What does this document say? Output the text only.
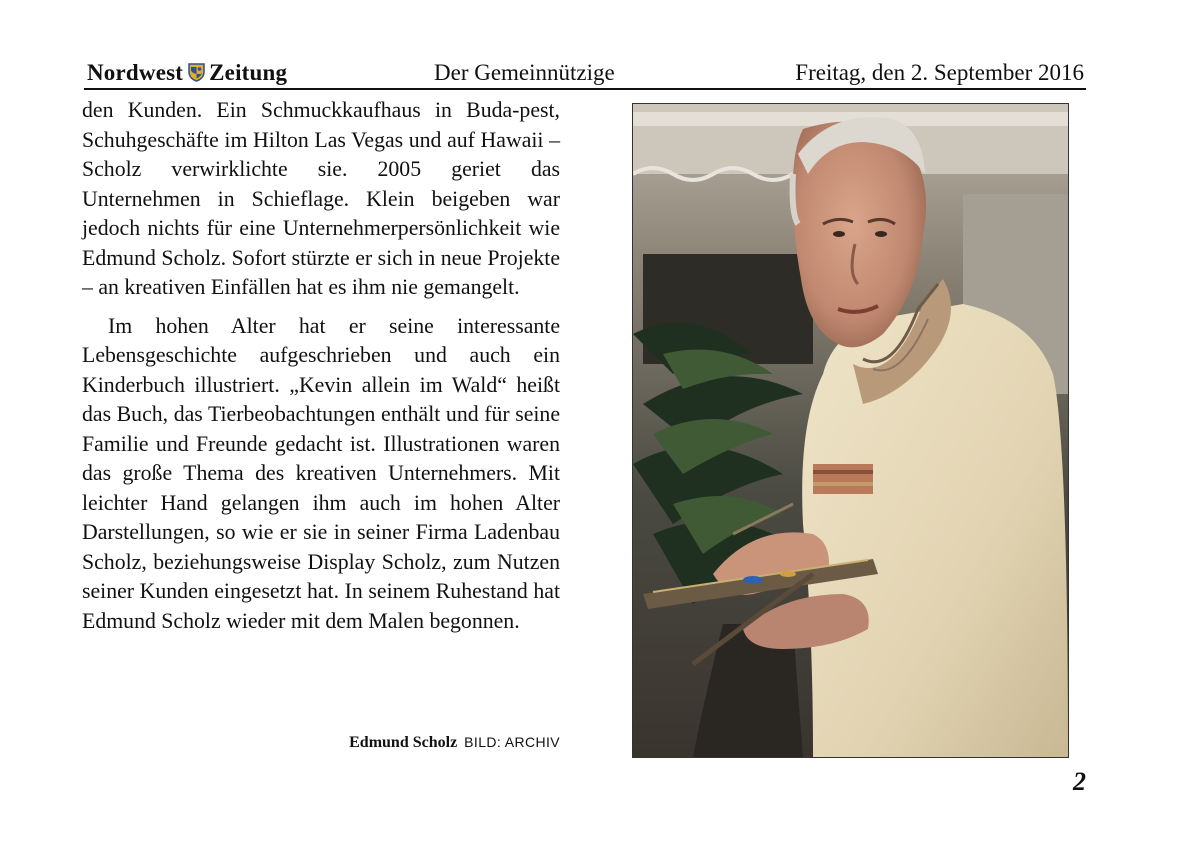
Nordwest Zeitung	Der Gemeinnützige	Freitag, den 2. September 2016

den Kunden. Ein Schmuckkaufhaus in Buda-pest, Schuhgeschäfte im Hilton Las Vegas und auf Hawaii – Scholz verwirklichte sie. 2005 geriet das Unternehmen in Schieflage. Klein beigeben war jedoch nichts für eine Unternehmerpersönlichkeit wie Edmund Scholz. Sofort stürzte er sich in neue Projekte – an kreativen Einfällen hat es ihm nie gemangelt.

Im hohen Alter hat er seine interessante Lebensgeschichte aufgeschrieben und auch ein Kinderbuch illustriert. „Kevin allein im Wald“ heißt das Buch, das Tierbeobachtungen enthält und für seine Familie und Freunde gedacht ist. Illustrationen waren das große Thema des kreativen Unternehmers. Mit leichter Hand gelangen ihm auch im hohen Alter Darstellungen, so wie er sie in seiner Firma Ladenbau Scholz, beziehungsweise Display Scholz, zum Nutzen seiner Kunden eingesetzt hat. In seinem Ruhestand hat Edmund Scholz wieder mit dem Malen begonnen.

Edmund Scholz BILD: ARCHIV
2
